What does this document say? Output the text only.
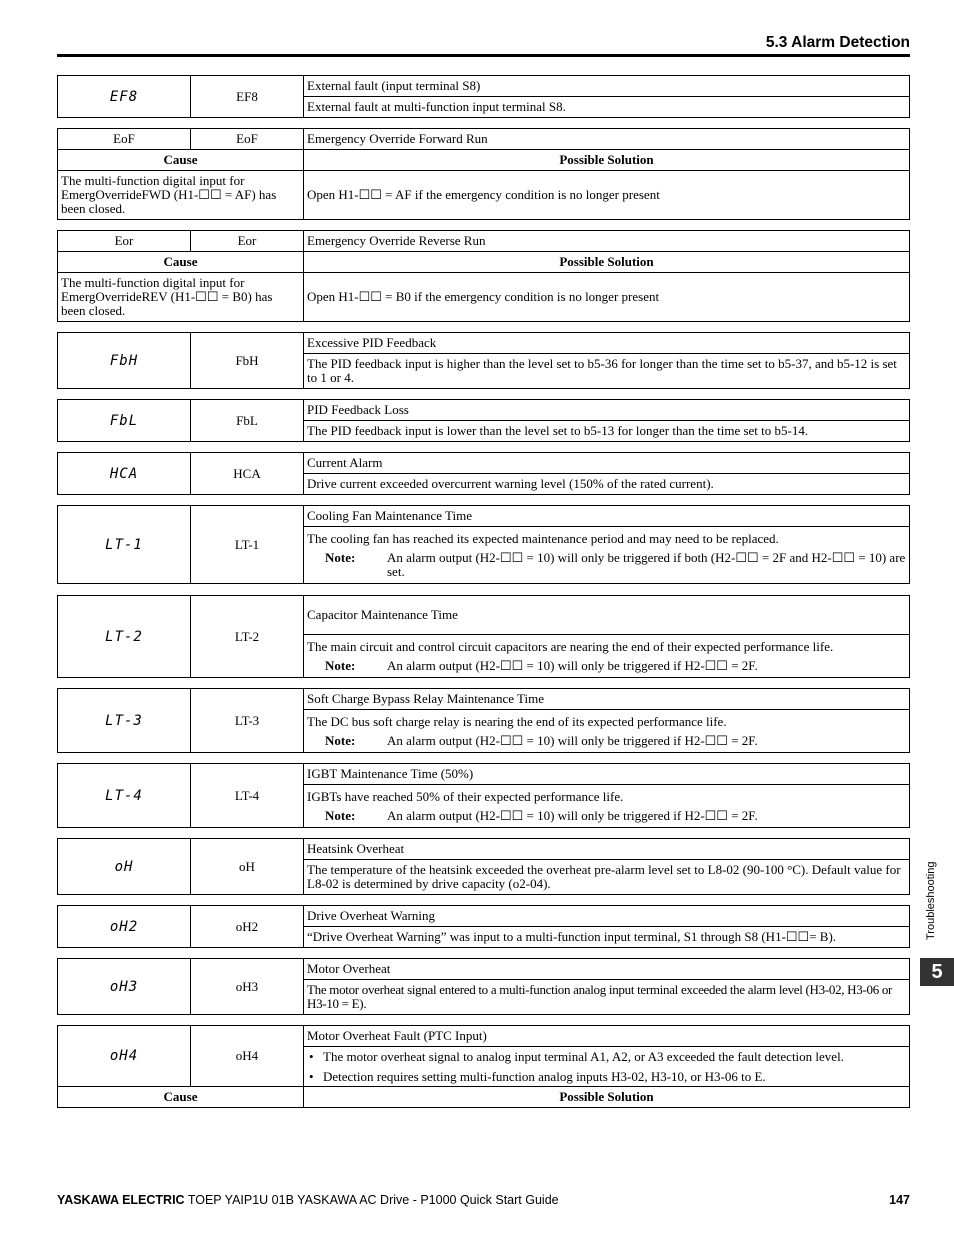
5.3 Alarm Detection
EF8	EF8	External fault (input terminal S8)
External fault at multi-function input terminal S8.
EoF	EoF	Emergency Override Forward Run
Cause		Possible Solution
The multi-function digital input for EmergOverrideFWD (H1-☐☐ = AF) has been closed.		Open H1-☐☐ = AF if the emergency condition is no longer present
Eor	Eor	Emergency Override Reverse Run
Cause		Possible Solution
The multi-function digital input for EmergOverrideREV (H1-☐☐ = B0) has been closed.		Open H1-☐☐ = B0 if the emergency condition is no longer present
FbH	FbH	Excessive PID Feedback
The PID feedback input is higher than the level set to b5-36 for longer than the time set to b5-37, and b5-12 is set to 1 or 4.
FbL	FbL	PID Feedback Loss
The PID feedback input is lower than the level set to b5-13 for longer than the time set to b5-14.
HCA	HCA	Current Alarm
Drive current exceeded overcurrent warning level (150% of the rated current).
LT-1	LT-1	Cooling Fan Maintenance Time

The cooling fan has reached its expected maintenance period and may need to be replaced.
Note:	An alarm output (H2-☐☐ = 10) will only be triggered if both (H2-☐☐ = 2F and H2-☐☐ = 10) are set.
LT-2	LT-2	Capacitor Maintenance Time

The main circuit and control circuit capacitors are nearing the end of their expected performance life.
Note:	An alarm output (H2-☐☐ = 10) will only be triggered if H2-☐☐ = 2F.
LT-3	LT-3	Soft Charge Bypass Relay Maintenance Time

The DC bus soft charge relay is nearing the end of its expected performance life.
Note:	An alarm output (H2-☐☐ = 10) will only be triggered if H2-☐☐ = 2F.
LT-4	LT-4	IGBT Maintenance Time (50%)

IGBTs have reached 50% of their expected performance life.
Note:	An alarm output (H2-☐☐ = 10) will only be triggered if H2-☐☐ = 2F.
oH	oH	Heatsink Overheat
The temperature of the heatsink exceeded the overheat pre-alarm level set to L8-02 (90-100 °C). Default value for L8-02 is determined by drive capacity (o2-04).
oH2	oH2	Drive Overheat Warning
“Drive Overheat Warning” was input to a multi-function input terminal, S1 through S8 (H1-☐☐= B).
oH3	oH3	Motor Overheat
The motor overheat signal entered to a multi-function analog input terminal exceeded the alarm level (H3-02, H3-06 or H3-10 = E).
oH4	oH4	Motor Overheat Fault (PTC Input)

		• The motor overheat signal to analog input terminal A1, A2, or A3 exceeded the fault detection level.
• Detection requires setting multi-function analog inputs H3-02, H3-10, or H3-06 to E.

Cause		Possible Solution
Troubleshooting
5
YASKAWA ELECTRIC TOEP YAIP1U 01B YASKAWA AC Drive - P1000 Quick Start Guide	147
